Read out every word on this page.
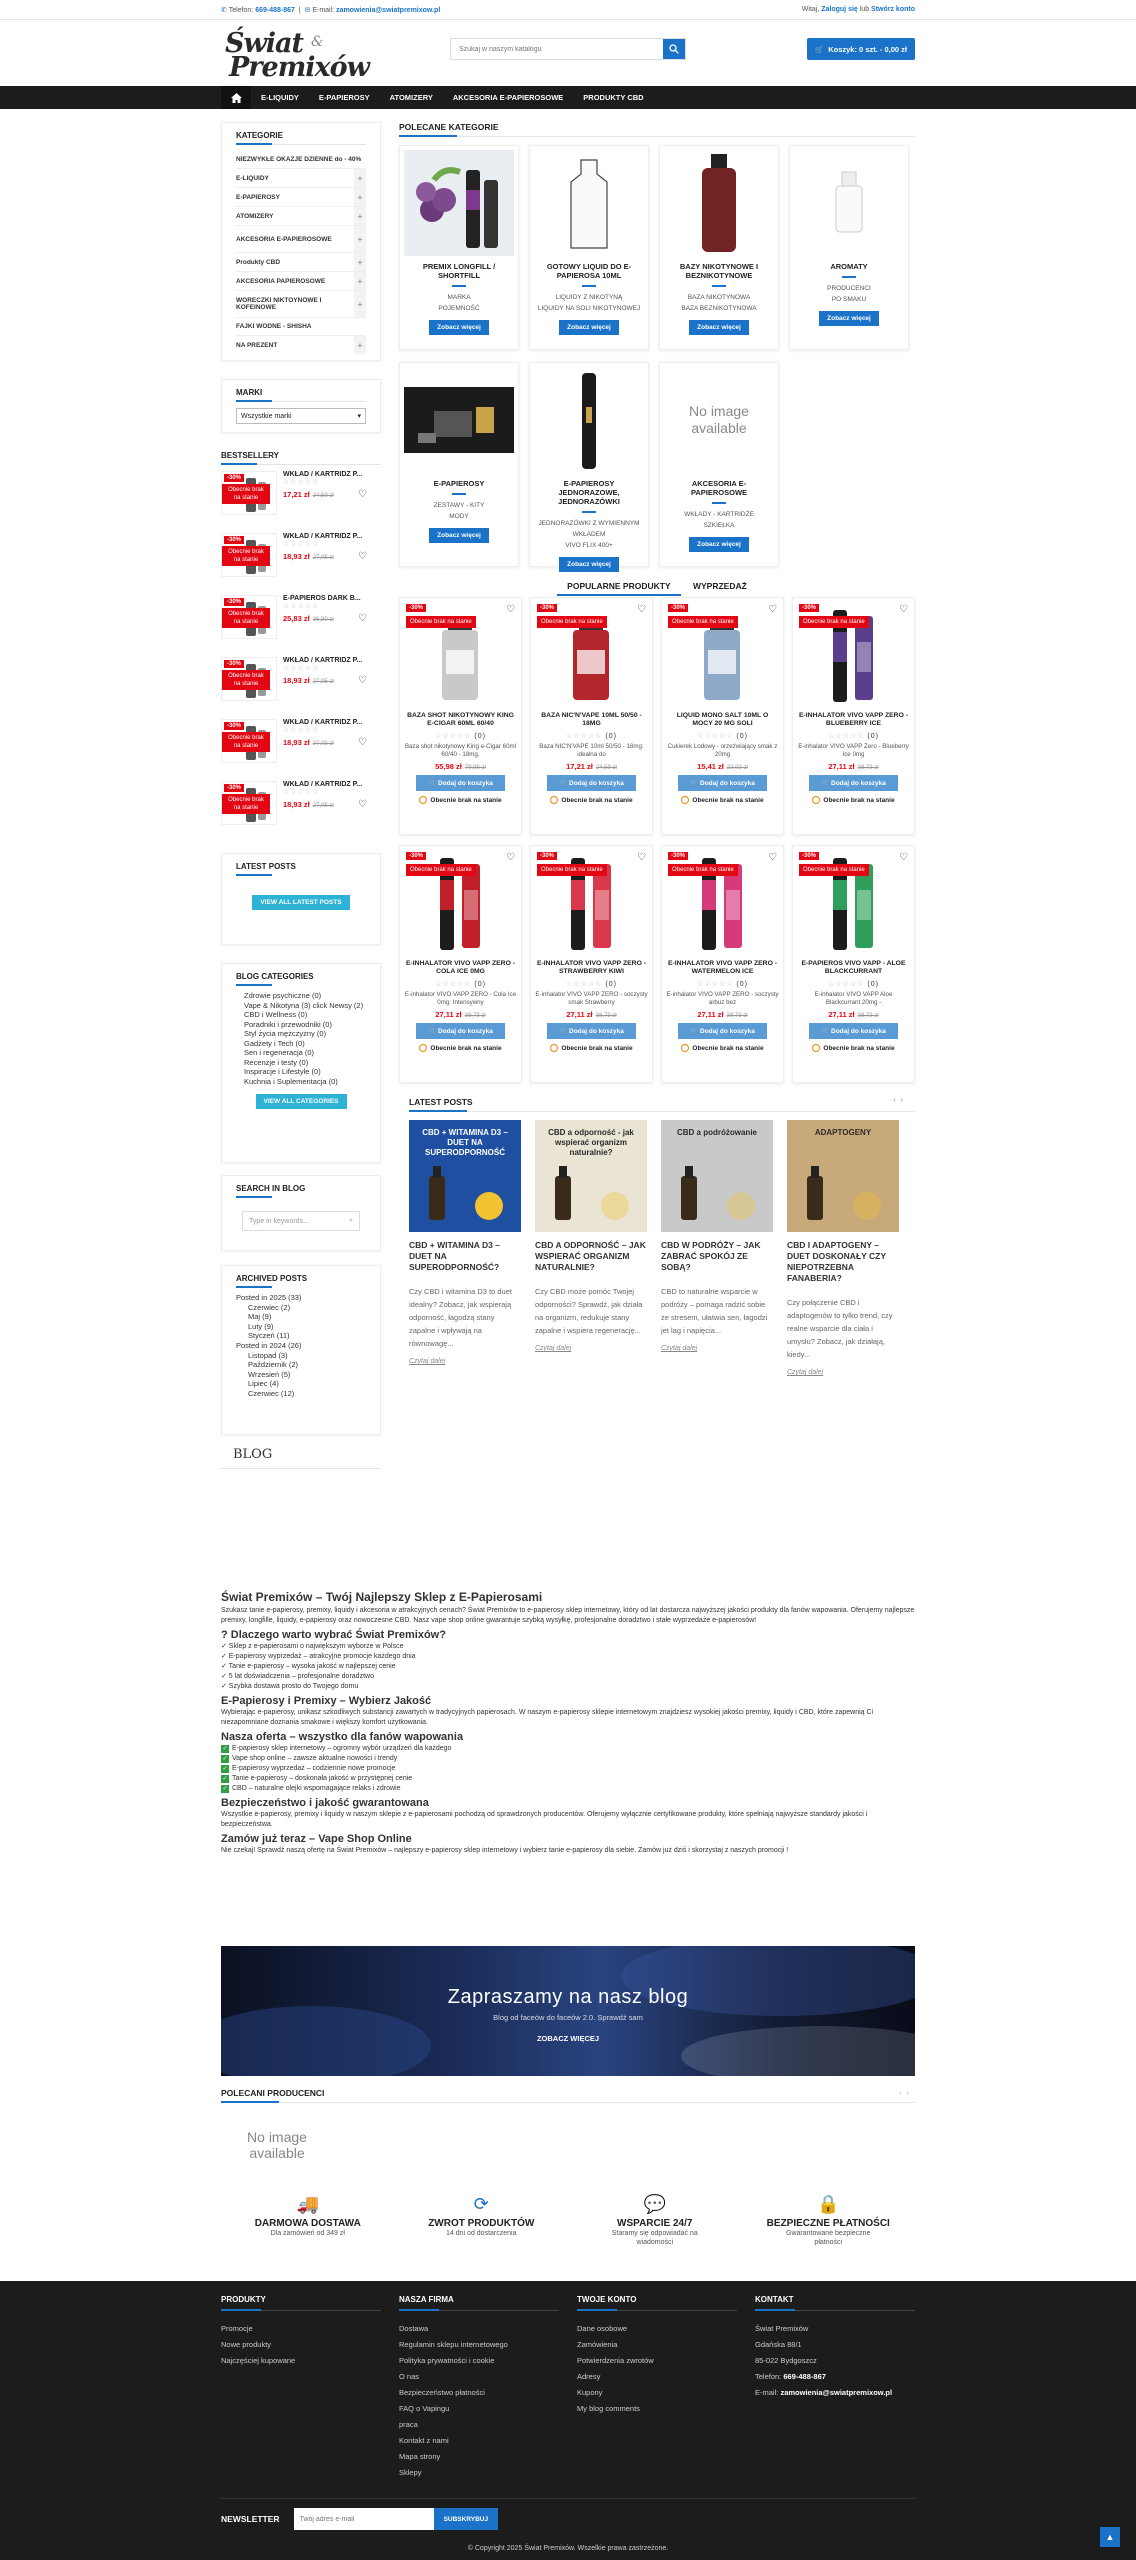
✆ Telefon: 669-488-867  |  ✉ E-mail: zamowienia@swiatpremixow.pl	Witaj, Zaloguj się lub Stwórz konto
Świat &
Premixów
Szukaj w naszym katalogu
🛒 Koszyk: 0 szt. - 0,00 zł
E-LIQUIDY	E-PAPIEROSY	ATOMIZERY	AKCESORIA E-PAPIEROSOWE	PRODUKTY CBD
KATEGORIE
NIEZWYKŁE OKAZJE DZIENNE do - 40%
E-LIQUIDY	+
E-PAPIEROSY	+
ATOMIZERY	+
AKCESORIA E-PAPIEROSOWE	+
Produkty CBD	+
AKCESORIA PAPIEROSOWE	+
WORECZKI NIKTOYNOWE I KOFEINOWE	+
FAJKI WODNE - SHISHA
NA PREZENT	+
MARKI
Wszystkie marki	▾
BESTSELLERY
-30%
Obecnie brak na stanie
WKŁAD / KARTRIDZ P...
☆☆☆☆☆
17,21 zł 24,59 zł ♡
-30%
Obecnie brak na stanie
WKŁAD / KARTRIDZ P...
☆☆☆☆☆
18,93 zł 27,05 zł ♡
-30%
Obecnie brak na stanie
E-PAPIEROS DARK B...
☆☆☆☆☆
25,83 zł 36,90 zł ♡
-30%
Obecnie brak na stanie
WKŁAD / KARTRIDZ P...
☆☆☆☆☆
18,93 zł 27,05 zł ♡
-30%
Obecnie brak na stanie
WKŁAD / KARTRIDZ P...
☆☆☆☆☆
18,93 zł 27,05 zł ♡
-30%
Obecnie brak na stanie
WKŁAD / KARTRIDZ P...
☆☆☆☆☆
18,93 zł 27,05 zł ♡
LATEST POSTS
VIEW ALL LATEST POSTS
BLOG CATEGORIES
Zdrowie psychiczne (0)
Vape & Nikotyna (3) click Newsy (2)
CBD i Wellness (0)
Poradniki i przewodniki (0)
Styl życia mężczyzny (0)
Gadżety i Tech (0)
Sen i regeneracja (0)
Recenzje i testy (0)
Inspiracje i Lifestyle (0)
Kuchnia i Suplementacja (0)
VIEW ALL CATEGORIES
SEARCH IN BLOG
Type in keywords...	⌕
ARCHIVED POSTS
Posted in 2025 (33)
Czerwiec (2)
Maj (9)
Luty (9)
Styczeń (11)
Posted in 2024 (26)
Listopad (3)
Październik (2)
Wrzesień (5)
Lipiec (4)
Czerwiec (12)
BLOG
POLECANE KATEGORIE
PREMIX LONGFILL / SHORTFILL
MARKA
POJEMNOŚĆ
Zobacz więcej
GOTOWY LIQUID DO E-PAPIEROSA 10ML
LIQUIDY Z NIKOTYNĄ
LIQUIDY NA SOLI NIKOTYNOWEJ
Zobacz więcej
BAZY NIKOTYNOWE I BEZNIKOTYNOWE
BAZA NIKOTYNOWA
BAZA BEZNIKOTYNOWA
Zobacz więcej
AROMATY
PRODUCENCI
PO SMAKU
Zobacz więcej
E-PAPIEROSY
ZESTAWY - KITY
MODY
Zobacz więcej
E-PAPIEROSY JEDNORAZOWE, JEDNORAZÓWKI
JEDNORAZÓWKI Z WYMIENNYM WKŁADEM
VIVO FLIX 400+
Zobacz więcej
No image available
AKCESORIA E-PAPIEROSOWE
WKŁADY - KARTRIDŻE
SZKIEŁKA
Zobacz więcej
POPULARNE PRODUKTY	WYPRZEDAŻ
-30%
Obecnie brak na stanie
♡
BAZA SHOT NIKOTYNOWY KING E-CIGAR 60ML 60/40
☆☆☆☆☆ (0)
Baza shot nikotynowy King e-Cigar 60ml 60/40 - 18mg,
55,98 zł 79,98 zł
🛒 Dodaj do koszyka
Obecnie brak na stanie
-30%
Obecnie brak na stanie
♡
BAZA NIC'N'VAPE 10ML 50/50 - 18MG
☆☆☆☆☆ (0)
Baza NIC'N'VAPE 10ml 50/50 - 18mg: idealna do
17,21 zł 24,59 zł
🛒 Dodaj do koszyka
Obecnie brak na stanie
-30%
Obecnie brak na stanie
♡
LIQUID MONO SALT 10ML O MOCY 20 MG SOLI
☆☆☆☆☆ (0)
Cukierek Lodowy - orzeźwiający smak z 20mg
15,41 zł 22,02 zł
🛒 Dodaj do koszyka
Obecnie brak na stanie
-30%
Obecnie brak na stanie
♡
E-INHALATOR VIVO VAPP ZERO - BLUEBERRY ICE
☆☆☆☆☆ (0)
E-inhalator VIVO VAPP Zero - Blueberry Ice 0mg
27,11 zł 38,73 zł
🛒 Dodaj do koszyka
Obecnie brak na stanie
-30%
Obecnie brak na stanie
♡
E-INHALATOR VIVO VAPP ZERO - COLA ICE 0MG
☆☆☆☆☆ (0)
E-inhalator VIVO VAPP ZERO - Cola Ice 0mg: Intensywny
27,11 zł 38,73 zł
🛒 Dodaj do koszyka
Obecnie brak na stanie
-30%
Obecnie brak na stanie
♡
E-INHALATOR VIVO VAPP ZERO - STRAWBERRY KIWI
☆☆☆☆☆ (0)
E-inhalator VIVO VAPP ZERO - soczysty smak Strawberry
27,11 zł 38,73 zł
🛒 Dodaj do koszyka
Obecnie brak na stanie
-30%
Obecnie brak na stanie
♡
E-INHALATOR VIVO VAPP ZERO - WATERMELON ICE
☆☆☆☆☆ (0)
E-inhalator VIVO VAPP ZERO - soczysty arbuz bez
27,11 zł 38,73 zł
🛒 Dodaj do koszyka
Obecnie brak na stanie
-30%
Obecnie brak na stanie
♡
E-PAPIEROS VIVO VAPP - ALOE BLACKCURRANT
☆☆☆☆☆ (0)
E-inhalator VIVO VAPP Aloe Blackcurrant 20mg -
27,11 zł 38,73 zł
🛒 Dodaj do koszyka
Obecnie brak na stanie
LATEST POSTS	‹ ›
CBD + WITAMINA D3 – DUET NA SUPERODPORNOŚĆ
CBD + WITAMINA D3 – DUET NA SUPERODPORNOŚĆ?
Czy CBD i witamina D3 to duet idealny? Zobacz, jak wspierają odporność, łagodzą stany zapalne i wpływają na równowagę...
Czytaj dalej
CBD a odporność - jak wspierać organizm naturalnie?
CBD A ODPORNOŚĆ – JAK WSPIERAĆ ORGANIZM NATURALNIE?
Czy CBD może pomóc Twojej odporności? Sprawdź, jak działa na organizm, redukuje stany zapalne i wspiera regenerację...
Czytaj dalej
CBD a podróżowanie
CBD W PODRÓŻY – JAK ZABRAĆ SPOKÓJ ZE SOBĄ?
CBD to naturalne wsparcie w podróży – pomaga radzić sobie ze stresem, ułatwia sen, łagodzi jet lag i napięcia...
Czytaj dalej
ADAPTOGENY
CBD I ADAPTOGENY – DUET DOSKONAŁY CZY NIEPOTRZEBNA FANABERIA?
Czy połączenie CBD i adaptogenów to tylko trend, czy realne wsparcie dla ciała i umysłu? Zobacz, jak działają, kiedy...
Czytaj dalej
Świat Premixów – Twój Najlepszy Sklep z E-Papierosami

Szukasz tanie e-papierosy, premixy, liquidy i akcesoria w atrakcyjnych cenach? Świat Premixów to e-papierosy sklep internetowy, który od lat dostarcza najwyższej jakości produkty dla fanów wapowania. Oferujemy najlepsze premixy, longfille, liquidy, e-papierosy oraz nowoczesne CBD. Nasz vape shop online gwarantuje szybką wysyłkę, profesjonalne doradztwo i stałe wyprzedaże e-papierosów!

? Dlaczego warto wybrać Świat Premixów?
✓ Sklep z e-papierosami o największym wyborze w Polsce
✓ E-papierosy wyprzedaż – atrakcyjne promocje każdego dnia
✓ Tanie e-papierosy – wysoka jakość w najlepszej cenie
✓ 5 lat doświadczenia – profesjonalne doradztwo
✓ Szybka dostawa prosto do Twojego domu
E-Papierosy i Premixy – Wybierz Jakość

Wybierając e-papierosy, unikasz szkodliwych substancji zawartych w tradycyjnych papierosach. W naszym e-papierosy sklepie internetowym znajdziesz wysokiej jakości premixy, liquidy i CBD, które zapewnią Ci niezapomniane doznania smakowe i większy komfort użytkowania.

Nasza oferta – wszystko dla fanów wapowania
✓ E-papierosy sklep internetowy – ogromny wybór urządzeń dla każdego
✓ Vape shop online – zawsze aktualne nowości i trendy
✓ E-papierosy wyprzedaż – codziennie nowe promocje
✓ Tanie e-papierosy – doskonała jakość w przystępnej cenie
✓ CBD – naturalne olejki wspomagające relaks i zdrowie
Bezpieczeństwo i jakość gwarantowana

Wszystkie e-papierosy, premixy i liquidy w naszym sklepie z e-papierosami pochodzą od sprawdzonych producentów. Oferujemy wyłącznie certyfikowane produkty, które spełniają najwyższe standardy jakości i bezpieczeństwa.

Zamów już teraz – Vape Shop Online

Nie czekaj! Sprawdź naszą ofertę na Świat Premixów – najlepszy e-papierosy sklep internetowy i wybierz tanie e-papierosy dla siebie. Zamów już dziś i skorzystaj z naszych promocji !

Zapraszamy na nasz blog
Blog od faceów do faceów 2.0. Sprawdź sam
ZOBACZ WIĘCEJ
POLECANI PRODUCENCI	‹ ›
No image available
🚚
DARMOWA DOSTAWA
Dla zamówień od 349 zł
⟳
ZWROT PRODUKTÓW
14 dni od dostarczenia
💬
WSPARCIE 24/7
Staramy się odpowiadać na wiadomości
🔒
BEZPIECZNE PŁATNOŚCI
Gwarantowane bezpieczne płatności
PRODUKTY
Promocje
Nowe produkty
Najczęściej kupowane
NASZA FIRMA
Dostawa
Regulamin sklepu internetowego
Polityka prywatności i cookie
O nas
Bezpieczeństwo płatności
FAQ o Vapingu
praca
Kontakt z nami
Mapa strony
Sklepy
TWOJE KONTO
Dane osobowe
Zamówienia
Potwierdzenia zwrotów
Adresy
Kupony
My blog comments
KONTAKT
Świat Premixów
Gdańska 88/1
85-022 Bydgoszcz
Telefon: 669-488-867
E-mail: zamowienia@swiatpremixow.pl
NEWSLETTER
Twój adres e-mail	SUBSKRYBUJ
▲
© Copyright 2025 Świat Premixów. Wszelkie prawa zastrzeżone.
